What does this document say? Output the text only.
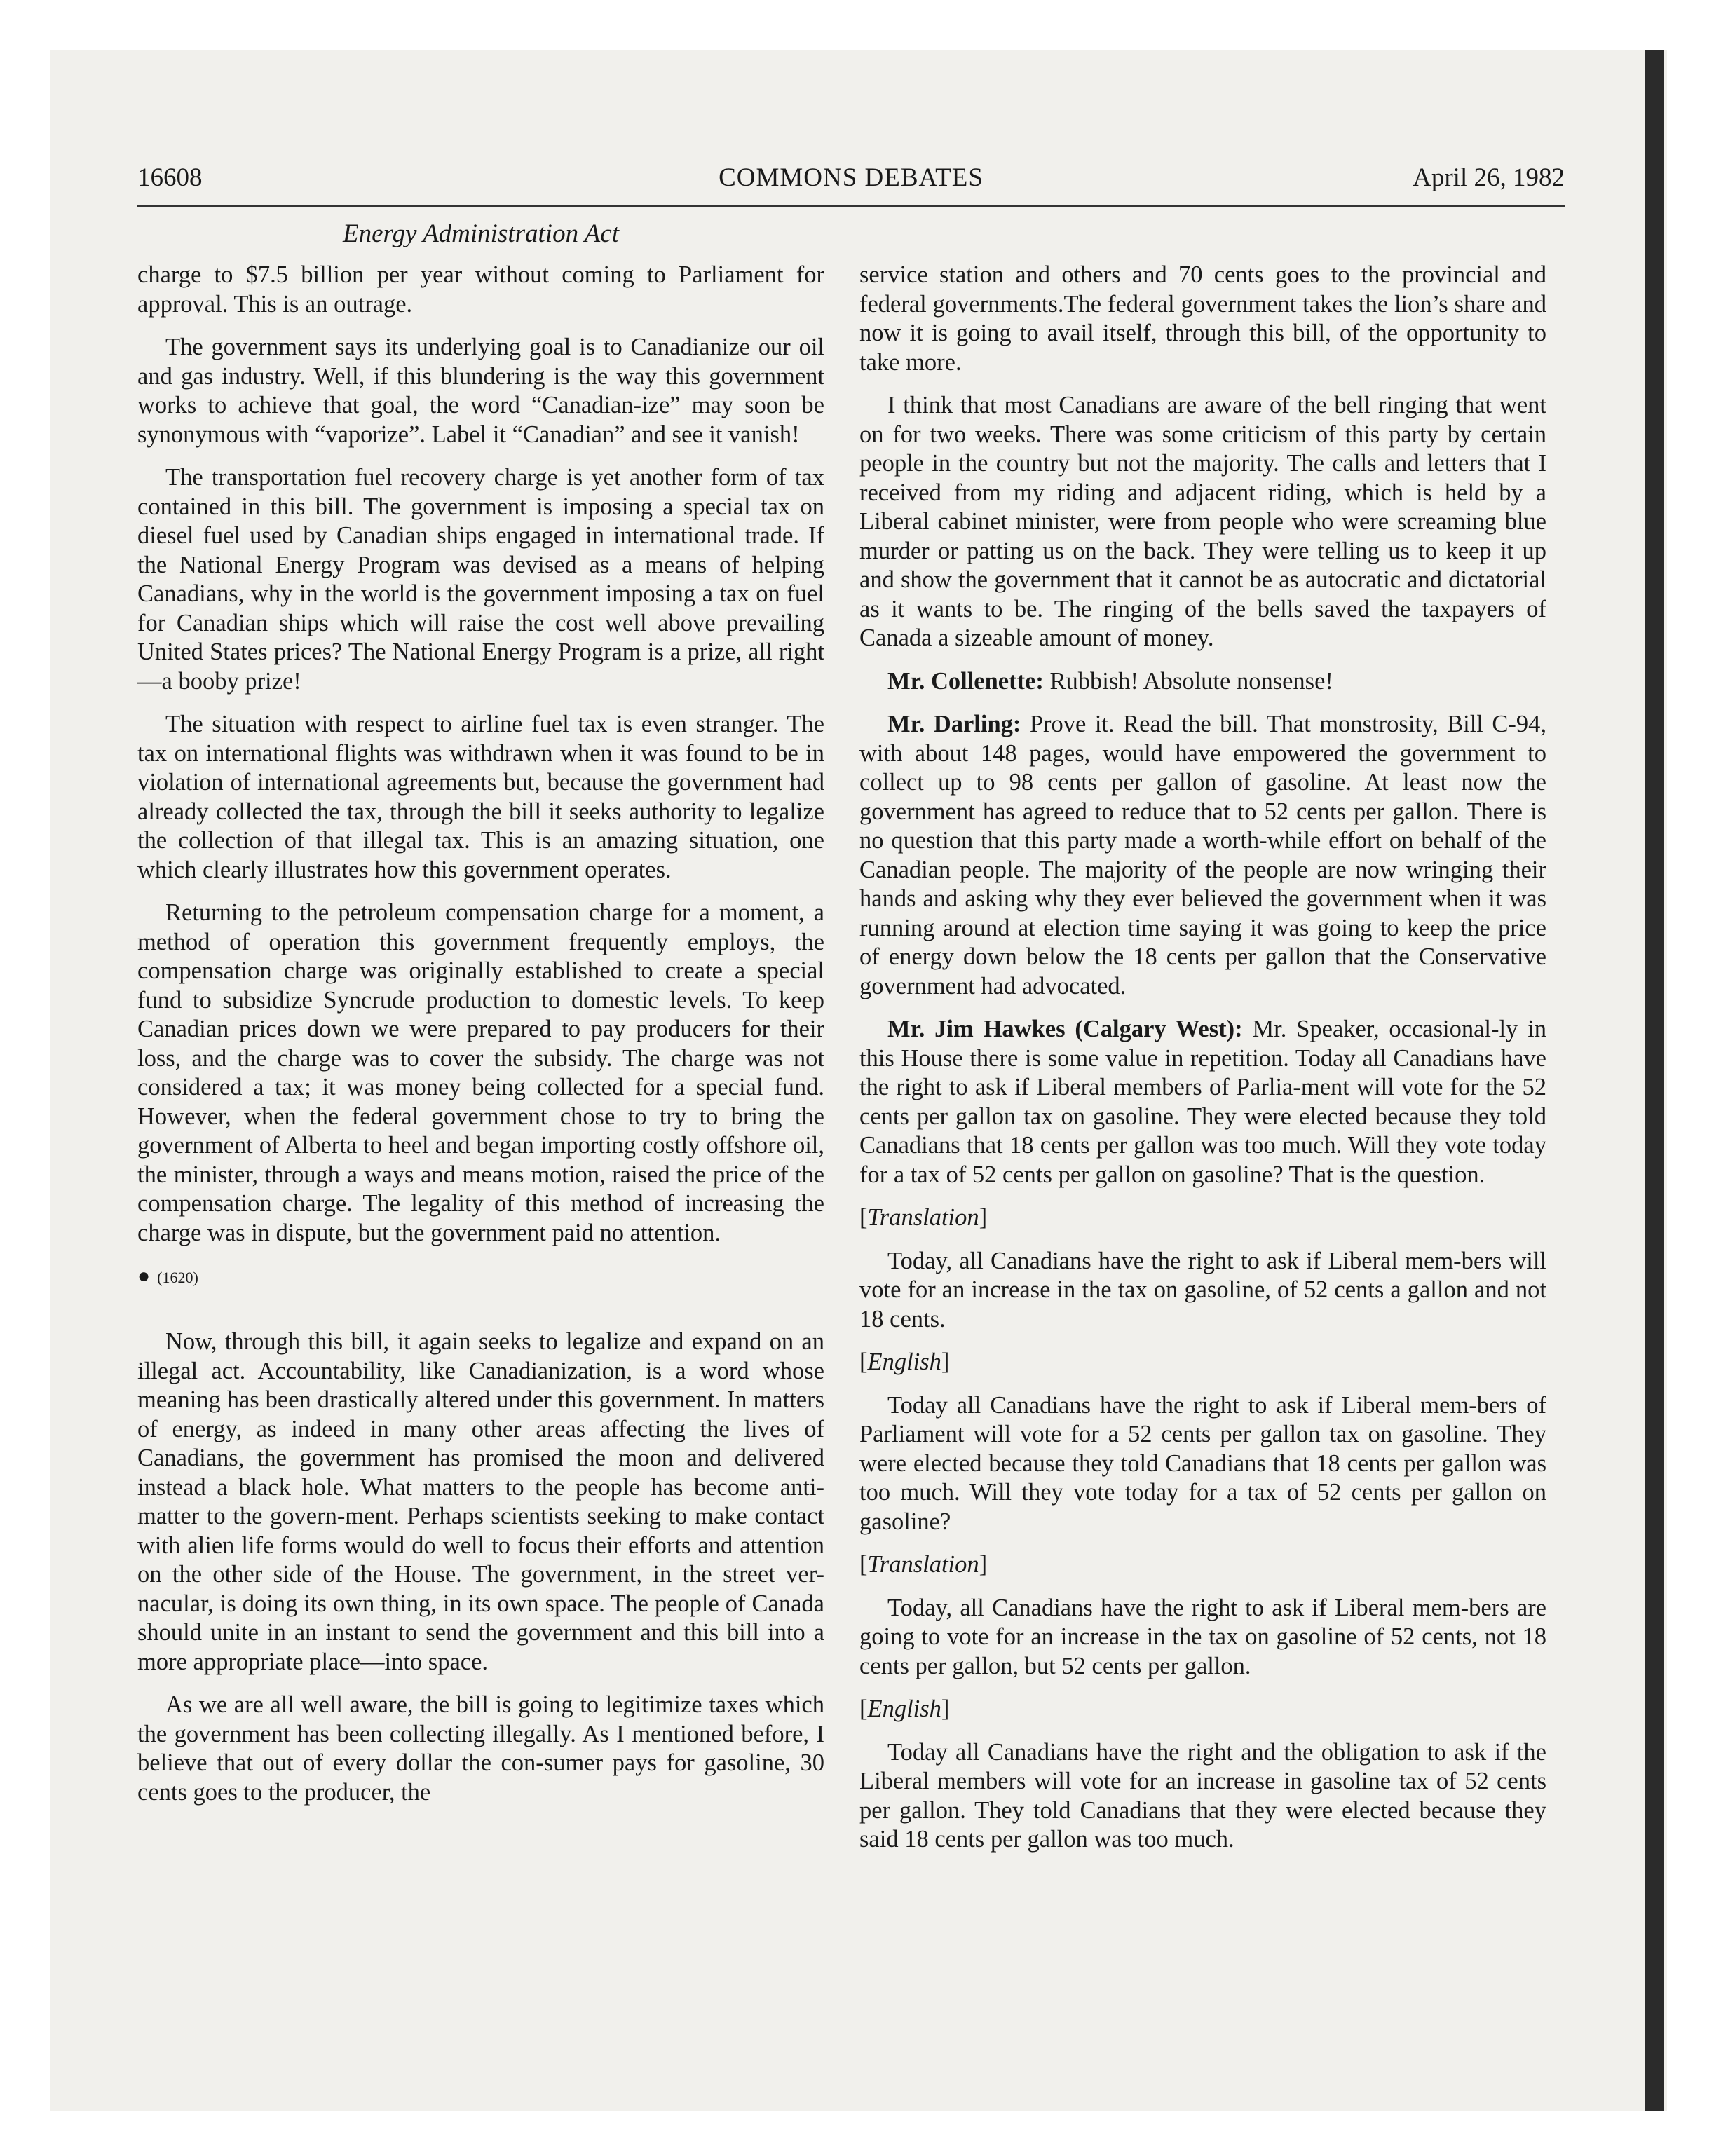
16608	COMMONS DEBATES	April 26, 1982
Energy Administration Act

charge to $7.5 billion per year without coming to Parliament for approval. This is an outrage.

The government says its underlying goal is to Canadianize our oil and gas industry. Well, if this blundering is the way this government works to achieve that goal, the word “Canadian-ize” may soon be synonymous with “vaporize”. Label it “Canadian” and see it vanish!

The transportation fuel recovery charge is yet another form of tax contained in this bill. The government is imposing a special tax on diesel fuel used by Canadian ships engaged in international trade. If the National Energy Program was devised as a means of helping Canadians, why in the world is the government imposing a tax on fuel for Canadian ships which will raise the cost well above prevailing United States prices? The National Energy Program is a prize, all right—a booby prize!

The situation with respect to airline fuel tax is even stranger. The tax on international flights was withdrawn when it was found to be in violation of international agreements but, because the government had already collected the tax, through the bill it seeks authority to legalize the collection of that illegal tax. This is an amazing situation, one which clearly illustrates how this government operates.

Returning to the petroleum compensation charge for a moment, a method of operation this government frequently employs, the compensation charge was originally established to create a special fund to subsidize Syncrude production to domestic levels. To keep Canadian prices down we were prepared to pay producers for their loss, and the charge was to cover the subsidy. The charge was not considered a tax; it was money being collected for a special fund. However, when the federal government chose to try to bring the government of Alberta to heel and began importing costly offshore oil, the minister, through a ways and means motion, raised the price of the compensation charge. The legality of this method of increasing the charge was in dispute, but the government paid no attention.

● (1620)

Now, through this bill, it again seeks to legalize and expand on an illegal act. Accountability, like Canadianization, is a word whose meaning has been drastically altered under this government. In matters of energy, as indeed in many other areas affecting the lives of Canadians, the government has promised the moon and delivered instead a black hole. What matters to the people has become anti-matter to the govern-ment. Perhaps scientists seeking to make contact with alien life forms would do well to focus their efforts and attention on the other side of the House. The government, in the street ver-nacular, is doing its own thing, in its own space. The people of Canada should unite in an instant to send the government and this bill into a more appropriate place—into space.

As we are all well aware, the bill is going to legitimize taxes which the government has been collecting illegally. As I mentioned before, I believe that out of every dollar the con-sumer pays for gasoline, 30 cents goes to the producer, the

service station and others and 70 cents goes to the provincial and federal governments.The federal government takes the lion’s share and now it is going to avail itself, through this bill, of the opportunity to take more.

I think that most Canadians are aware of the bell ringing that went on for two weeks. There was some criticism of this party by certain people in the country but not the majority. The calls and letters that I received from my riding and adjacent riding, which is held by a Liberal cabinet minister, were from people who were screaming blue murder or patting us on the back. They were telling us to keep it up and show the government that it cannot be as autocratic and dictatorial as it wants to be. The ringing of the bells saved the taxpayers of Canada a sizeable amount of money.

Mr. Collenette: Rubbish! Absolute nonsense!

Mr. Darling: Prove it. Read the bill. That monstrosity, Bill C-94, with about 148 pages, would have empowered the government to collect up to 98 cents per gallon of gasoline. At least now the government has agreed to reduce that to 52 cents per gallon. There is no question that this party made a worth-while effort on behalf of the Canadian people. The majority of the people are now wringing their hands and asking why they ever believed the government when it was running around at election time saying it was going to keep the price of energy down below the 18 cents per gallon that the Conservative government had advocated.

Mr. Jim Hawkes (Calgary West): Mr. Speaker, occasional-ly in this House there is some value in repetition. Today all Canadians have the right to ask if Liberal members of Parlia-ment will vote for the 52 cents per gallon tax on gasoline. They were elected because they told Canadians that 18 cents per gallon was too much. Will they vote today for a tax of 52 cents per gallon on gasoline? That is the question.

[Translation]

Today, all Canadians have the right to ask if Liberal mem-bers will vote for an increase in the tax on gasoline, of 52 cents a gallon and not 18 cents.

[English]

Today all Canadians have the right to ask if Liberal mem-bers of Parliament will vote for a 52 cents per gallon tax on gasoline. They were elected because they told Canadians that 18 cents per gallon was too much. Will they vote today for a tax of 52 cents per gallon on gasoline?

[Translation]

Today, all Canadians have the right to ask if Liberal mem-bers are going to vote for an increase in the tax on gasoline of 52 cents, not 18 cents per gallon, but 52 cents per gallon.

[English]

Today all Canadians have the right and the obligation to ask if the Liberal members will vote for an increase in gasoline tax of 52 cents per gallon. They told Canadians that they were elected because they said 18 cents per gallon was too much.
